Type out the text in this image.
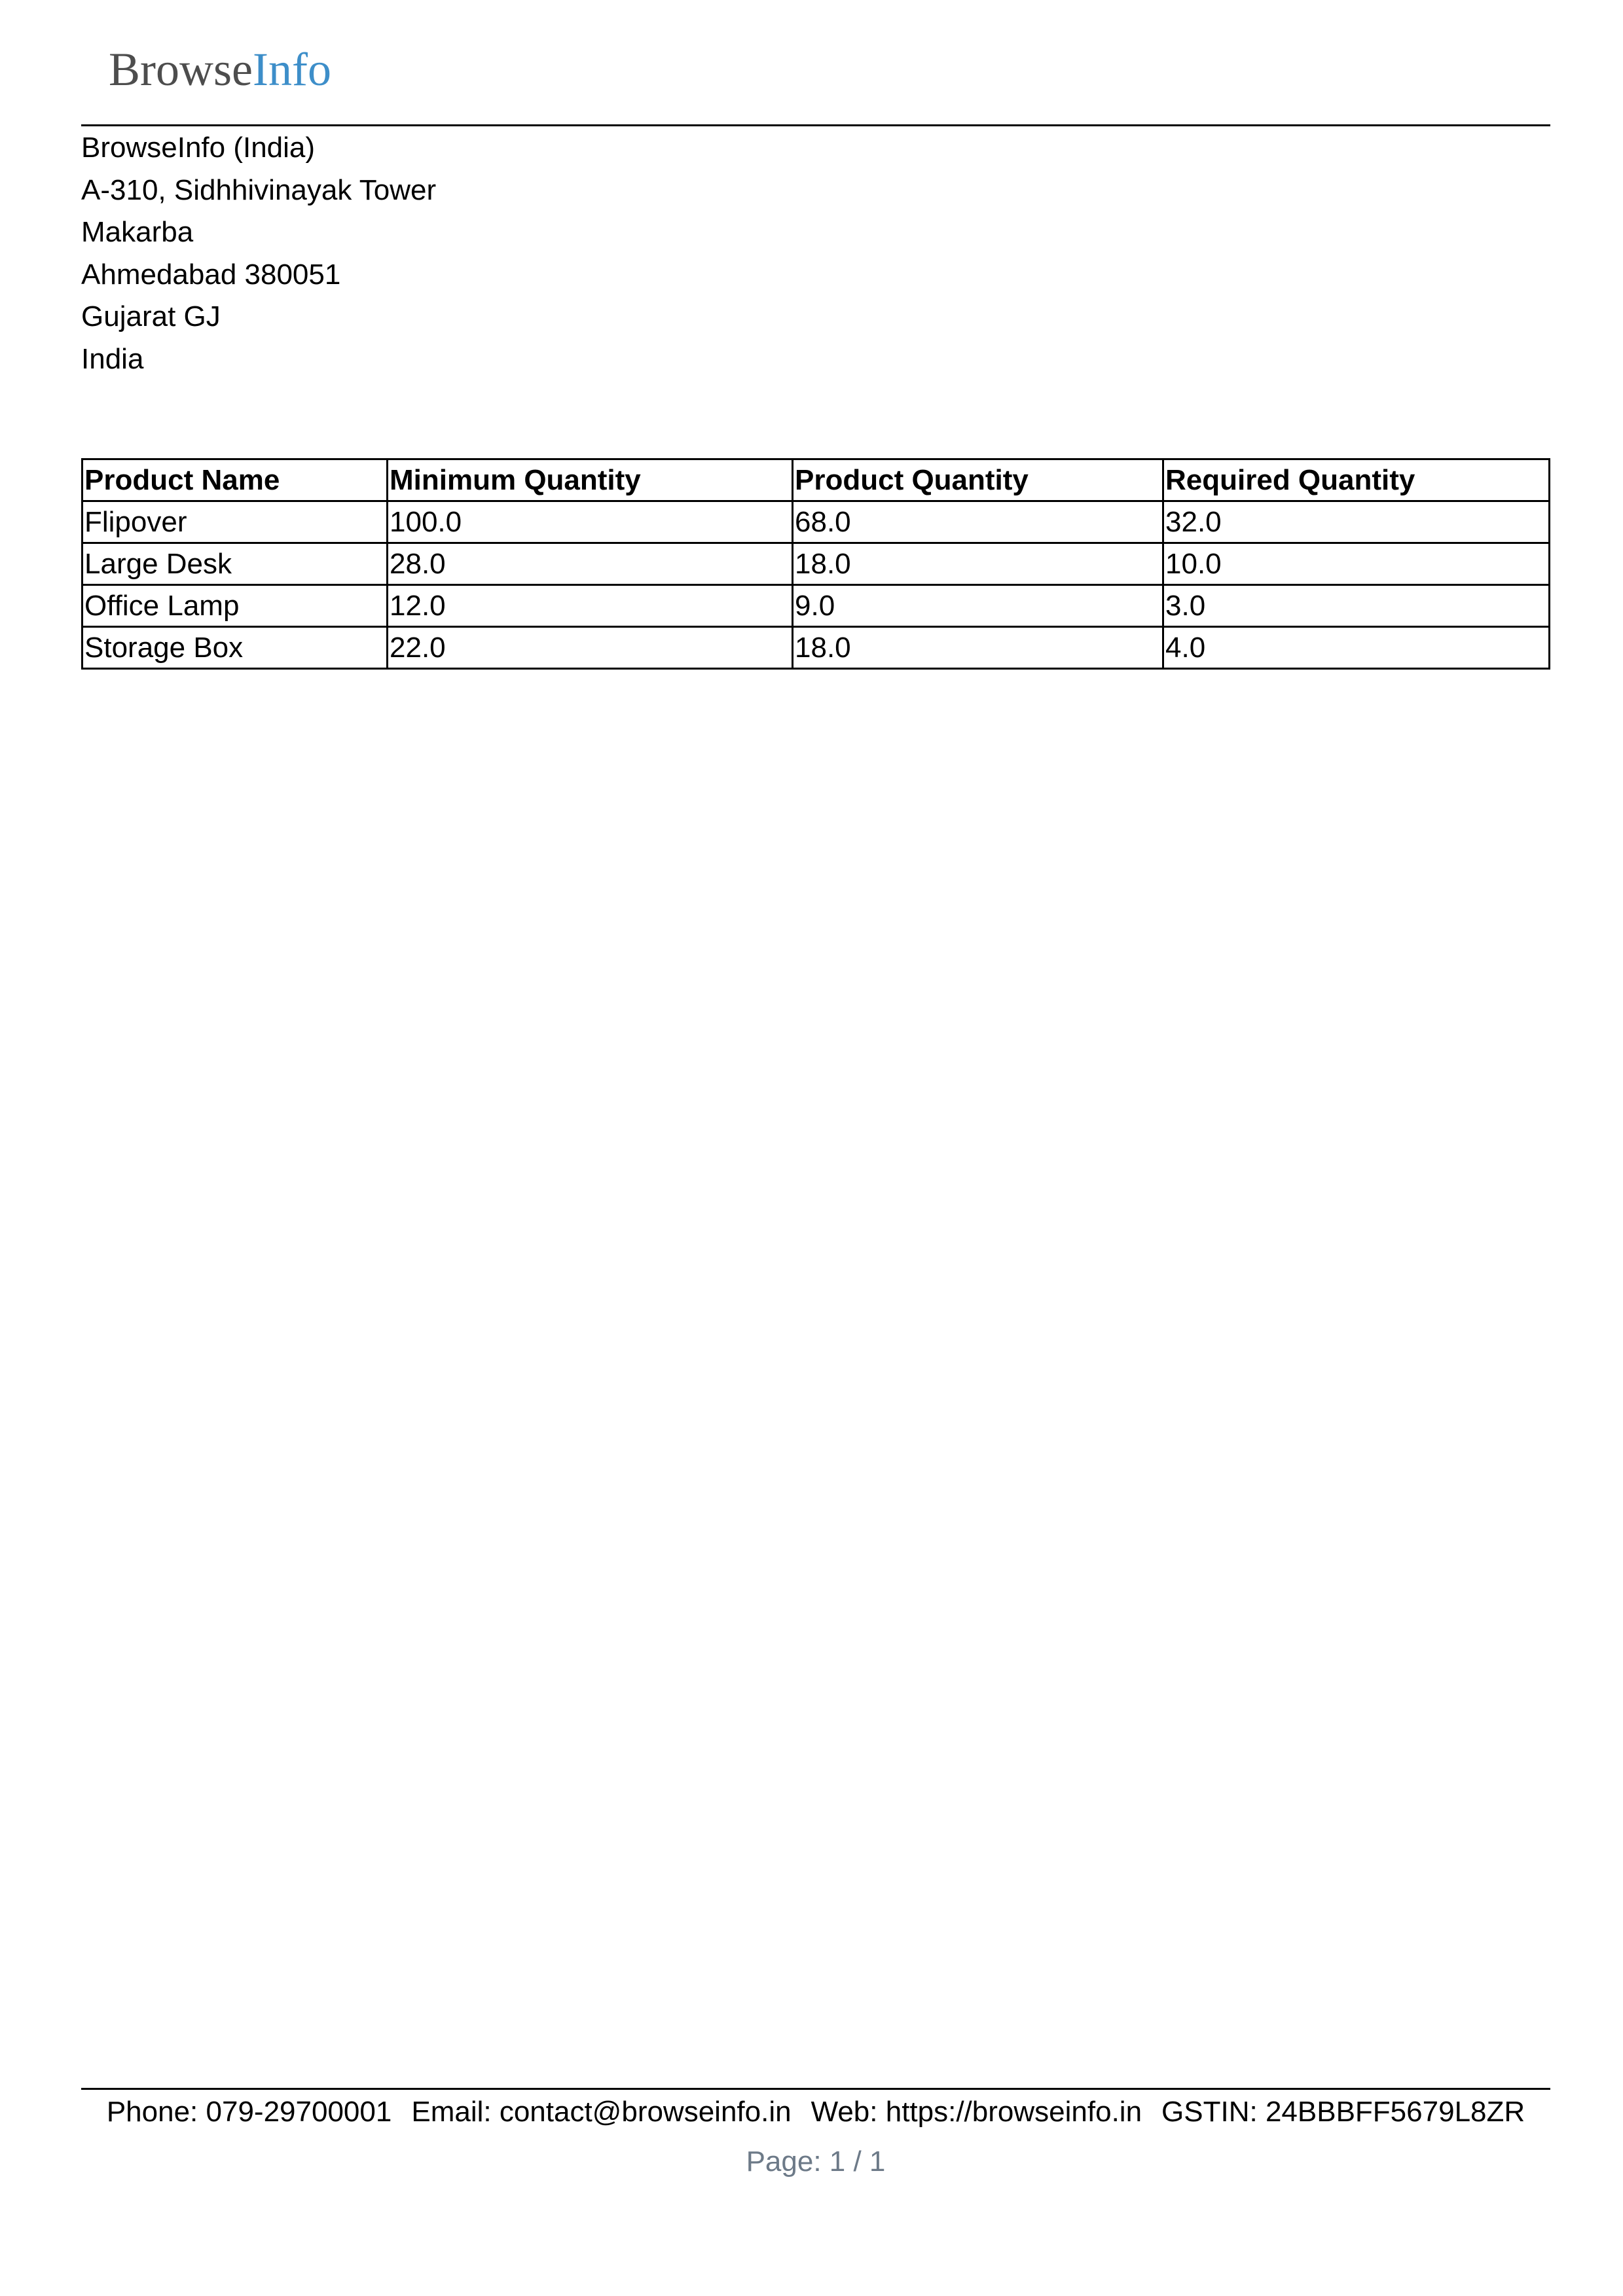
BrowseInfo
BrowseInfo (India)
A-310, Sidhhivinayak Tower
Makarba
Ahmedabad 380051
Gujarat GJ
India
Product Name	Minimum Quantity	Product Quantity	Required Quantity
Flipover	100.0	68.0	32.0
Large Desk	28.0	18.0	10.0
Office Lamp	12.0	9.0	3.0
Storage Box	22.0	18.0	4.0
Phone: 079-29700001 Email: contact@browseinfo.in Web: https://browseinfo.in GSTIN: 24BBBFF5679L8ZR
Page: 1 / 1
